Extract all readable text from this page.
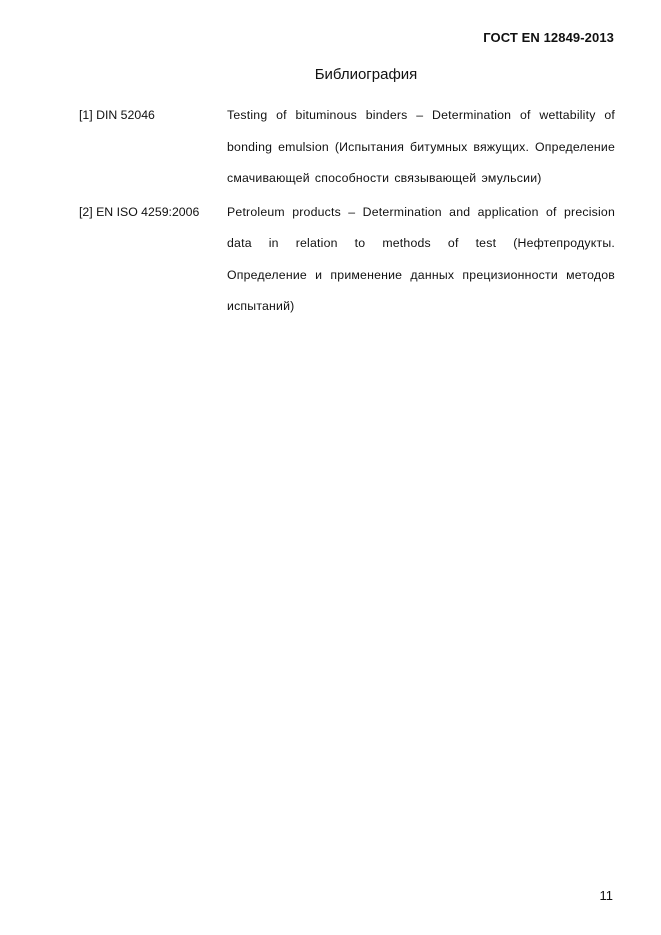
ГОСТ EN 12849-2013
Библиография
[1] DIN 52046	Testing of bituminous binders – Determination of wettability of bonding emulsion (Испытания битумных вяжущих. Определение смачивающей способности связывающей эмульсии)
[2] EN ISO 4259:2006	Petroleum products – Determination and application of precision data in relation to methods of test (Нефтепродукты. Определение и применение данных прецизионности методов испытаний)
11
